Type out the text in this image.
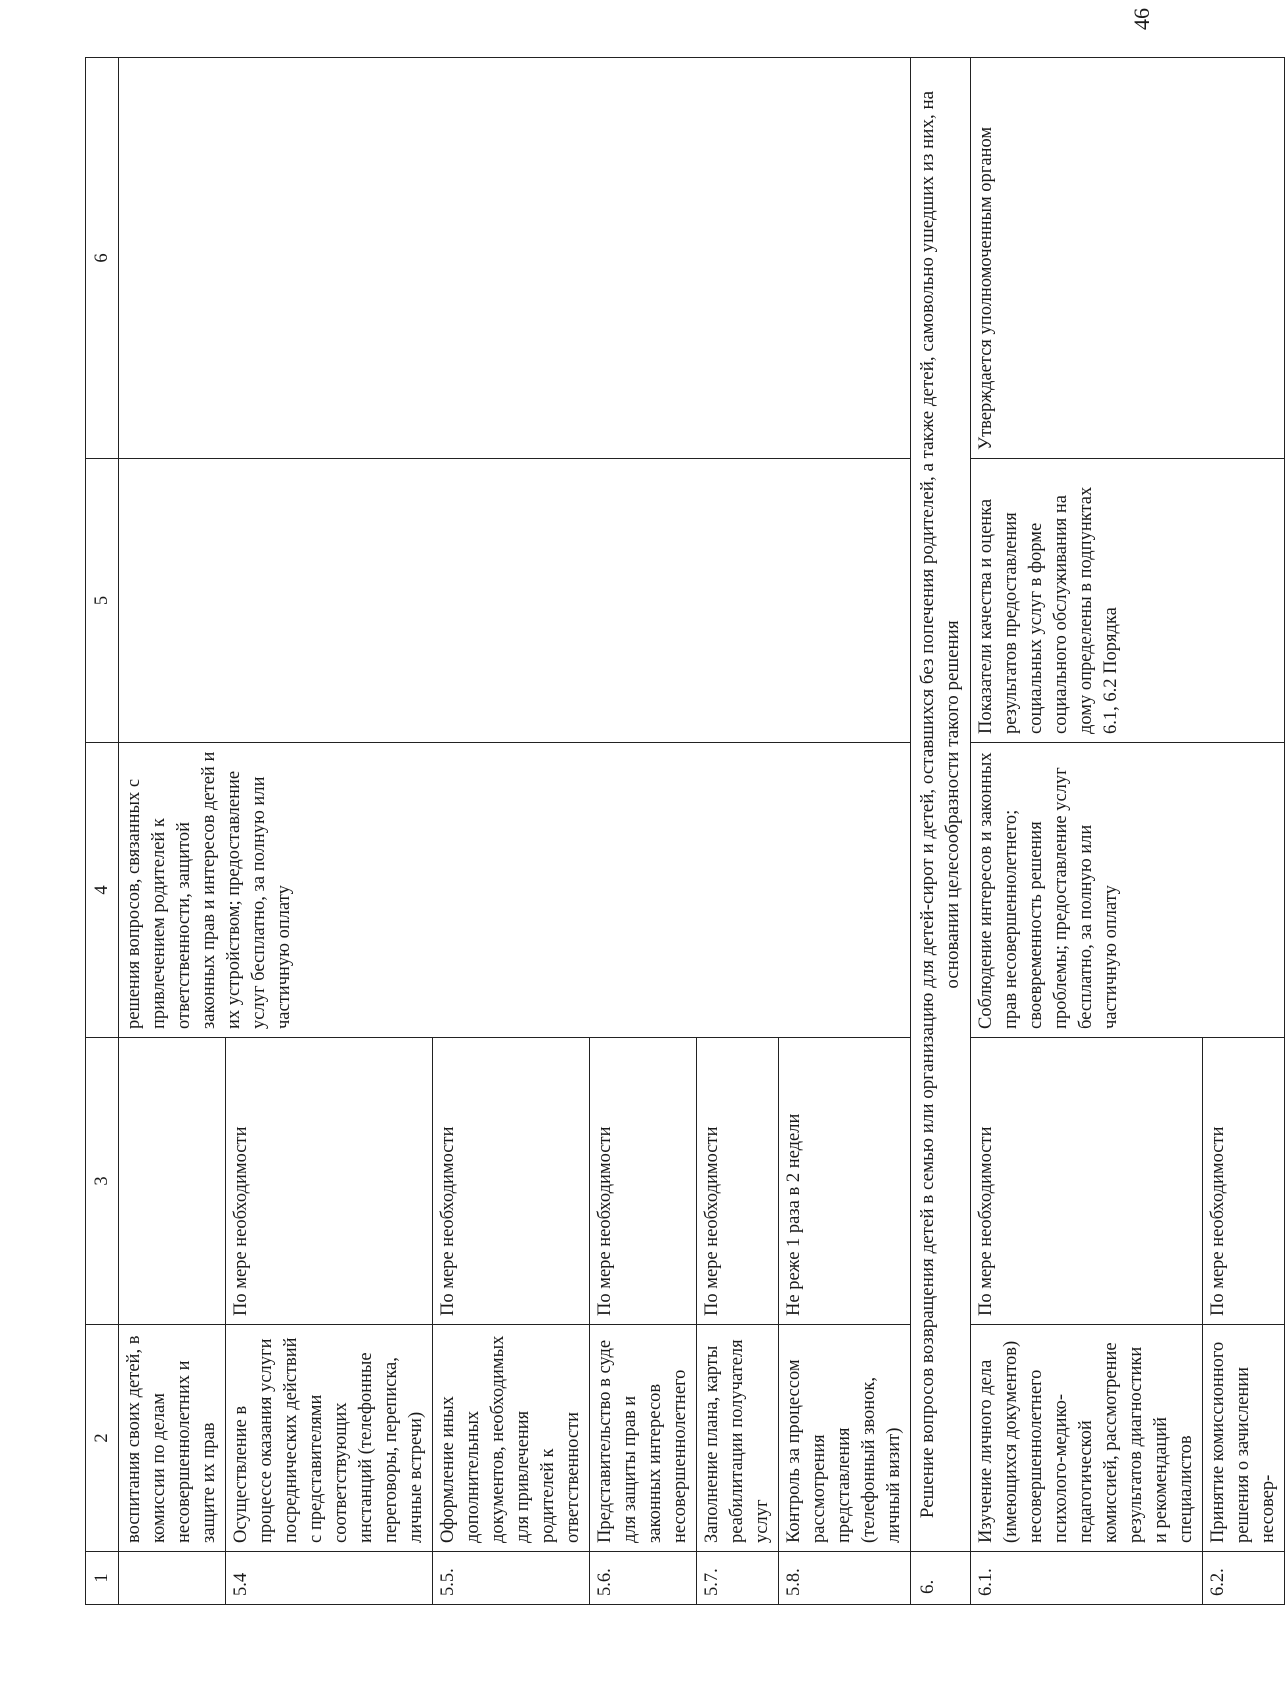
46
1	2	3	4	5	6
	воспитания своих детей, в комиссии по делам несовершеннолетних и защите их прав		решения вопросов, связанных с привлечением родителей к ответственности, защитой законных прав и интересов детей и их устройством; предоставление услуг бесплатно, за полную или частичную оплату		
5.4	Осуществление в процессе оказания услуги посреднических действий с представителями соответствующих инстанций (телефонные переговоры, переписка, личные встречи)	По мере необходимости			
5.5.	Оформление иных дополнительных документов, необходимых для привлечения родителей к ответственности	По мере необходимости			
5.6.	Представительство в суде для защиты прав и законных интересов несовершеннолетнего	По мере необходимости			
5.7.	Заполнение плана, карты реабилитации получателя услуг	По мере необходимости			
5.8.	Контроль за процессом рассмотрения представления (телефонный звонок, личный визит)	Не реже 1 раза в 2 недели			
6.	Решение вопросов возвращения детей в семью или организацию для детей-сирот и детей, оставшихся без попечения родителей, а также детей, самовольно ушедших из них, на основании целесообразности такого решения				
6.1.	Изучение личного дела (имеющихся документов) несовершеннолетнего психолого-медико-педагогической комиссией, рассмотрение результатов диагностики и рекомендаций специалистов	По мере необходимости	Соблюдение интересов и законных прав несовершеннолетнего; своевременность решения проблемы; предоставление услуг бесплатно, за полную или частичную оплату	Показатели качества и оценка результатов предоставления социальных услуг в форме социального обслуживания на дому определены в подпунктах 6.1, 6.2 Порядка	Утверждается уполномоченным органом
6.2.	Принятие комиссионного решения о зачислении несовер-	По мере необходимости			
